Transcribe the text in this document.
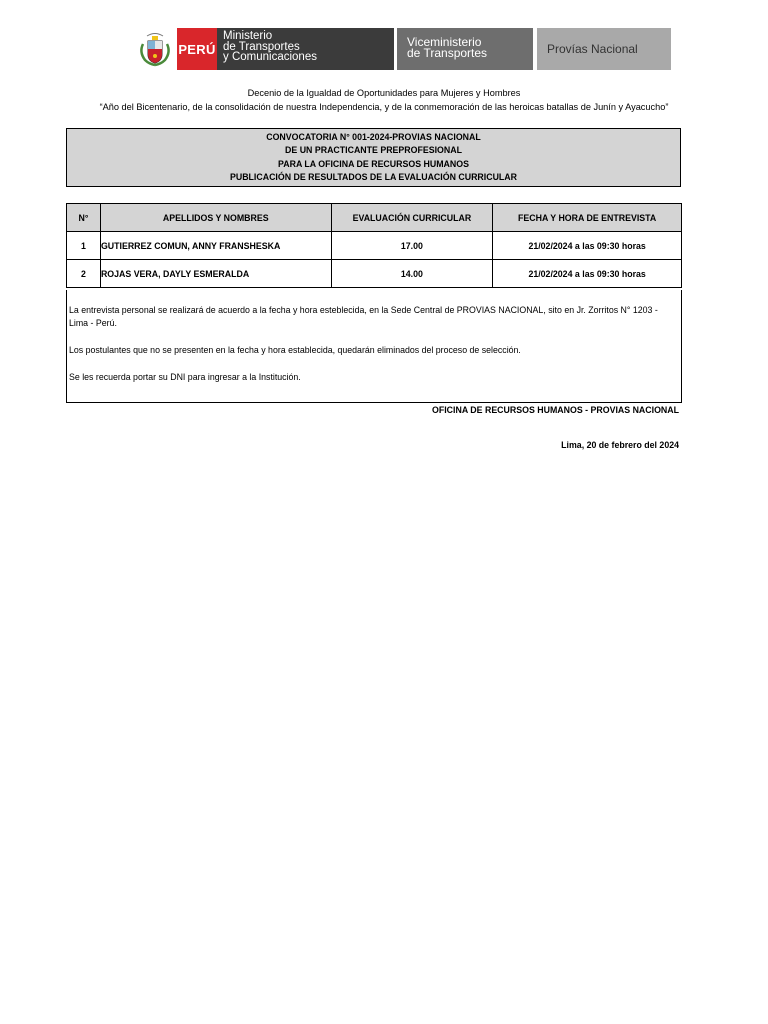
PERÚ
Ministerio
de Transportes
y Comunicaciones
Viceministerio
de Transportes	Provías Nacional
Decenio de la Igualdad de Oportunidades para Mujeres y Hombres
“Año del Bicentenario, de la consolidación de nuestra Independencia, y de la conmemoración de las heroicas batallas de Junín y Ayacucho”
CONVOCATORIA N° 001-2024-PROVIAS NACIONAL
DE UN PRACTICANTE PREPROFESIONAL
PARA LA OFICINA DE RECURSOS HUMANOS
PUBLICACIÓN DE RESULTADOS DE LA EVALUACIÓN CURRICULAR
N°	APELLIDOS Y NOMBRES	EVALUACIÓN CURRICULAR	FECHA Y HORA DE ENTREVISTA
1	GUTIERREZ COMUN, ANNY FRANSHESKA	17.00	21/02/2024 a las 09:30 horas
2	ROJAS VERA, DAYLY ESMERALDA	14.00	21/02/2024 a las 09:30 horas

La entrevista personal se realizará de acuerdo a la fecha y hora esteblecida, en la Sede Central de PROVIAS NACIONAL, sito en Jr. Zorritos N° 1203 - Lima - Perú.

Los postulantes que no se presenten en la fecha y hora establecida, quedarán eliminados del proceso de selección.

Se les recuerda portar su DNI para ingresar a la Institución.

OFICINA DE RECURSOS HUMANOS - PROVIAS NACIONAL
Lima, 20 de febrero del 2024
